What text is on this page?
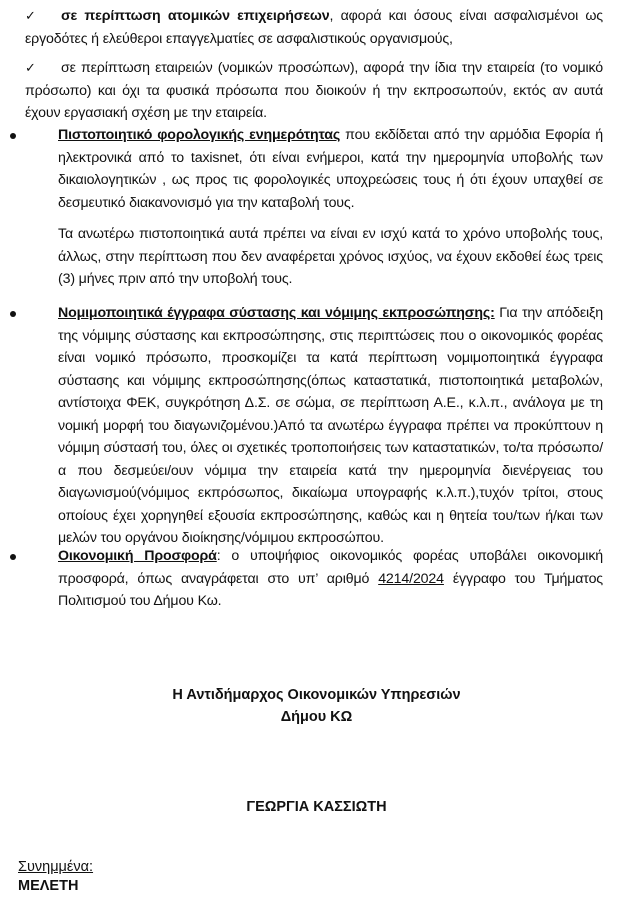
✓ σε περίπτωση ατομικών επιχειρήσεων, αφορά και όσους είναι ασφαλισμένοι ως εργοδότες ή ελεύθεροι επαγγελματίες σε ασφαλιστικούς οργανισμούς,
✓ σε περίπτωση εταιρειών (νομικών προσώπων), αφορά την ίδια την εταιρεία (το νομικό πρόσωπο) και όχι τα φυσικά πρόσωπα που διοικούν ή την εκπροσωπούν, εκτός αν αυτά έχουν εργασιακή σχέση με την εταιρεία.
Πιστοποιητικό φορολογικής ενημερότητας που εκδίδεται από την αρμόδια Εφορία ή ηλεκτρονικά από το taxisnet, ότι είναι ενήμεροι, κατά την ημερομηνία υποβολής των δικαιολογητικών , ως προς τις φορολογικές υποχρεώσεις τους ή ότι έχουν υπαχθεί σε δεσμευτικό διακανονισμό για την καταβολή τους.
Τα ανωτέρω πιστοποιητικά αυτά πρέπει να είναι εν ισχύ κατά το χρόνο υποβολής τους, άλλως, στην περίπτωση που δεν αναφέρεται χρόνος ισχύος, να έχουν εκδοθεί έως τρεις (3) μήνες πριν από την υποβολή τους.
Νομιμοποιητικά έγγραφα σύστασης και νόμιμης εκπροσώπησης: Για την απόδειξη της νόμιμης σύστασης και εκπροσώπησης, στις περιπτώσεις που ο οικονομικός φορέας είναι νομικό πρόσωπο, προσκομίζει τα κατά περίπτωση νομιμοποιητικά έγγραφα σύστασης και νόμιμης εκπροσώπησης(όπως καταστατικά, πιστοποιητικά μεταβολών, αντίστοιχα ΦΕΚ, συγκρότηση Δ.Σ. σε σώμα, σε περίπτωση Α.Ε., κ.λ.π., ανάλογα με τη νομική μορφή του διαγωνιζομένου.)Από τα ανωτέρω έγγραφα πρέπει να προκύπτουν η νόμιμη σύστασή του, όλες οι σχετικές τροποποιήσεις των καταστατικών, το/τα πρόσωπο/α που δεσμεύει/ουν νόμιμα την εταιρεία κατά την ημερομηνία διενέργειας του διαγωνισμού(νόμιμος εκπρόσωπος, δικαίωμα υπογραφής κ.λ.π.),τυχόν τρίτοι, στους οποίους έχει χορηγηθεί εξουσία εκπροσώπησης, καθώς και η θητεία του/των ή/και των μελών του οργάνου διοίκησης/νόμιμου εκπροσώπου.
Οικονομική Προσφορά: ο υποψήφιος οικονομικός φορέας υποβάλει οικονομική προσφορά, όπως αναγράφεται στο υπ’ αριθμό 4214/2024 έγγραφο του Τμήματος Πολιτισμού του Δήμου Κω.
Η Αντιδήμαρχος Οικονομικών Υπηρεσιών
Δήμου ΚΩ
ΓΕΩΡΓΙΑ ΚΑΣΣΙΩΤΗ
Συνημμένα:
ΜΕΛΕΤΗ
